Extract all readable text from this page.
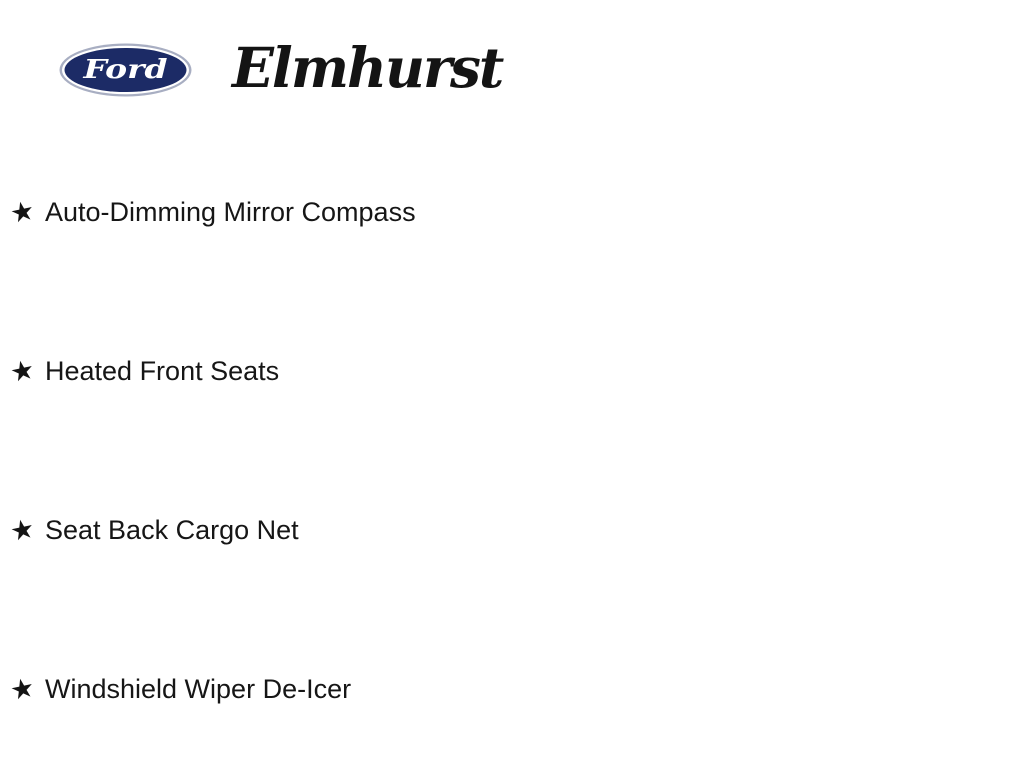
Ford Elmhurst
★ Auto-Dimming Mirror Compass
★ Heated Front Seats
★ Seat Back Cargo Net
★ Windshield Wiper De-Icer
